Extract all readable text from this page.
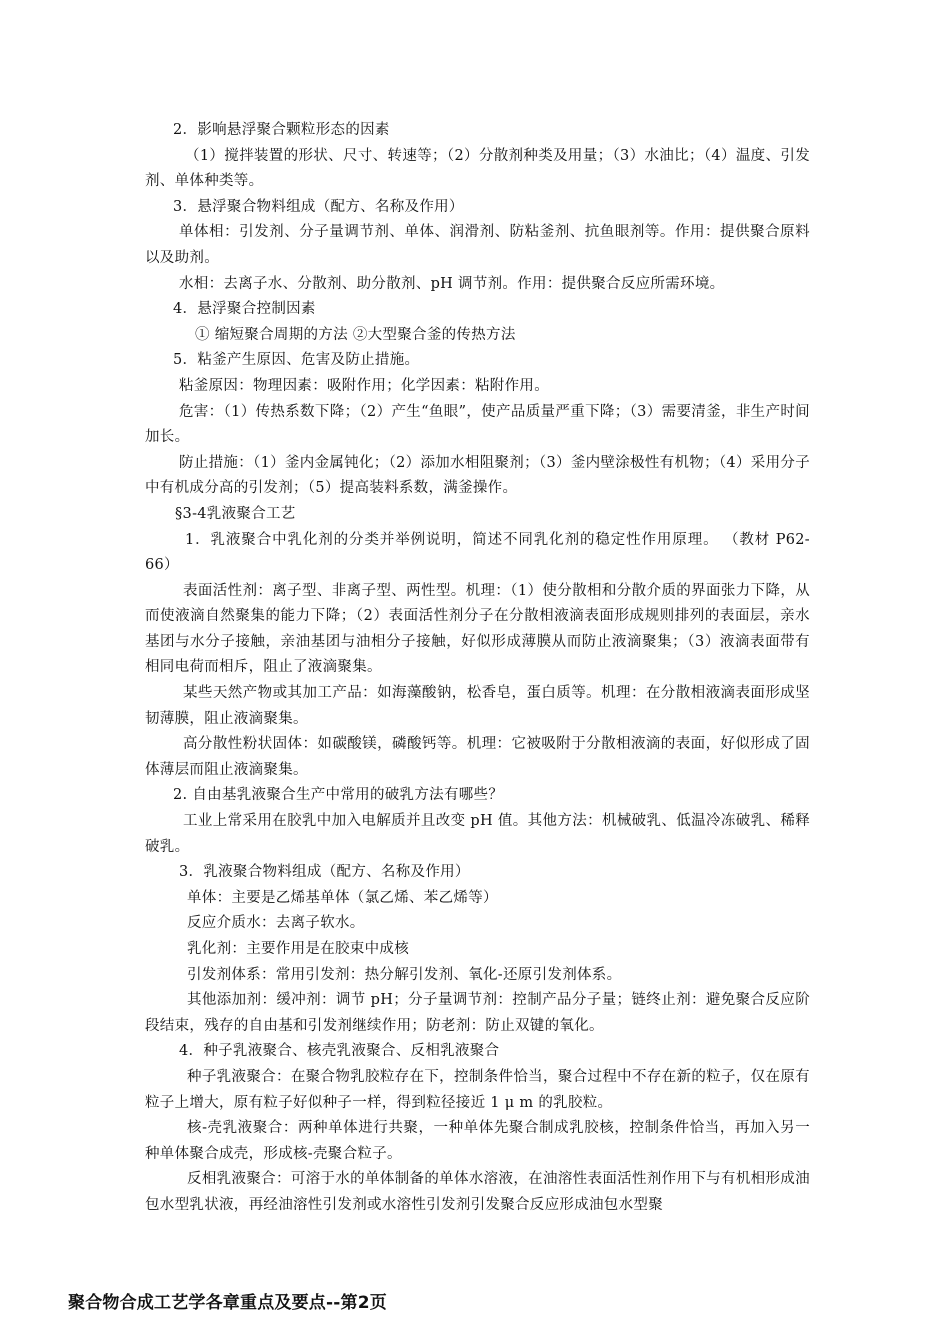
2．影响悬浮聚合颗粒形态的因素

（1）搅拌装置的形状、尺寸、转速等；（2）分散剂种类及用量；（3）水油比；（4）温度、引发剂、单体种类等。

3．悬浮聚合物料组成（配方、名称及作用）

单体相：引发剂、分子量调节剂、单体、润滑剂、防粘釜剂、抗鱼眼剂等。作用：提供聚合原料以及助剂。

水相：去离子水、分散剂、助分散剂、pH 调节剂。作用：提供聚合反应所需环境。

4．悬浮聚合控制因素

① 缩短聚合周期的方法 ②大型聚合釜的传热方法

5．粘釜产生原因、危害及防止措施。

粘釜原因：物理因素：吸附作用；化学因素：粘附作用。

危害：（1）传热系数下降；（2）产生“鱼眼”，使产品质量严重下降；（3）需要清釜，非生产时间加长。

防止措施：（1）釜内金属钝化；（2）添加水相阻聚剂；（3）釜内壁涂极性有机物；（4）采用分子中有机成分高的引发剂；（5）提高装料系数，满釜操作。

§3-4乳液聚合工艺

1．乳液聚合中乳化剂的分类并举例说明，简述不同乳化剂的稳定性作用原理。 （教材 P62-66）

表面活性剂：离子型、非离子型、两性型。机理：（1）使分散相和分散介质的界面张力下降，从而使液滴自然聚集的能力下降；（2）表面活性剂分子在分散相液滴表面形成规则排列的表面层，亲水基团与水分子接触，亲油基团与油相分子接触，好似形成薄膜从而防止液滴聚集；（3）液滴表面带有相同电荷而相斥，阻止了液滴聚集。

某些天然产物或其加工产品：如海藻酸钠，松香皂，蛋白质等。机理：在分散相液滴表面形成坚韧薄膜，阻止液滴聚集。

高分散性粉状固体：如碳酸镁，磷酸钙等。机理：它被吸附于分散相液滴的表面，好似形成了固体薄层而阻止液滴聚集。

2. 自由基乳液聚合生产中常用的破乳方法有哪些？

工业上常采用在胶乳中加入电解质并且改变 pH 值。其他方法：机械破乳、低温冷冻破乳、稀释破乳。

3．乳液聚合物料组成（配方、名称及作用）

单体：主要是乙烯基单体（氯乙烯、苯乙烯等）

反应介质水：去离子软水。

乳化剂：主要作用是在胶束中成核

引发剂体系：常用引发剂：热分解引发剂、氧化-还原引发剂体系。

其他添加剂：缓冲剂：调节 pH；分子量调节剂：控制产品分子量；链终止剂：避免聚合反应阶段结束，残存的自由基和引发剂继续作用；防老剂：防止双键的氧化。

4．种子乳液聚合、核壳乳液聚合、反相乳液聚合

种子乳液聚合：在聚合物乳胶粒存在下，控制条件恰当，聚合过程中不存在新的粒子，仅在原有粒子上增大，原有粒子好似种子一样，得到粒径接近 1 μ m 的乳胶粒。

核-壳乳液聚合：两种单体进行共聚，一种单体先聚合制成乳胶核，控制条件恰当，再加入另一种单体聚合成壳，形成核-壳聚合粒子。

反相乳液聚合：可溶于水的单体制备的单体水溶液，在油溶性表面活性剂作用下与有机相形成油包水型乳状液，再经油溶性引发剂或水溶性引发剂引发聚合反应形成油包水型聚

聚合物合成工艺学各章重点及要点--第2页
